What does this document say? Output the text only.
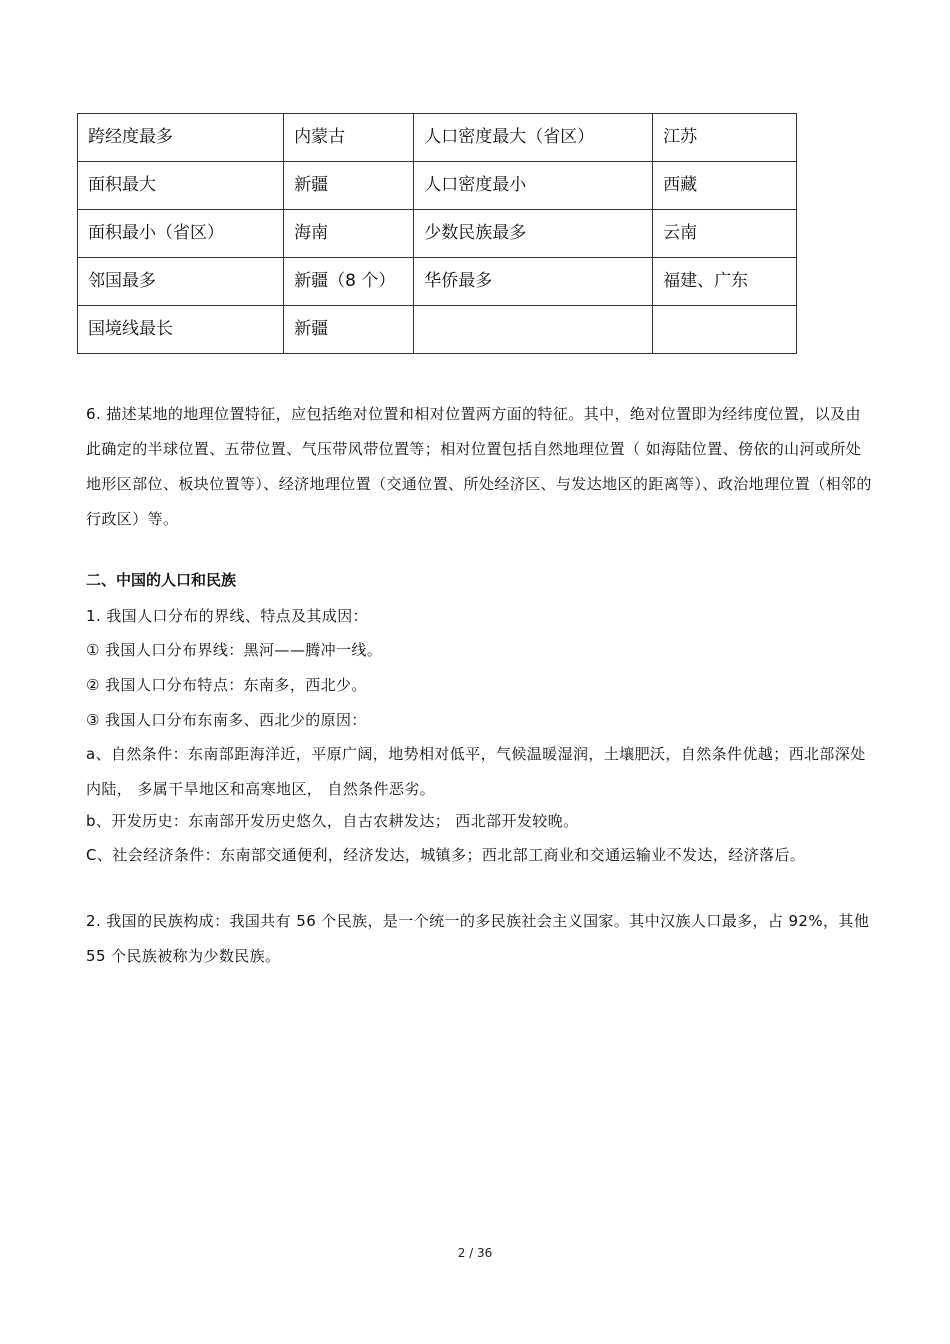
跨经度最多	内蒙古	人口密度最大（省区）	江苏
面积最大	新疆	人口密度最小	西藏
面积最小（省区）	海南	少数民族最多	云南
邻国最多	新疆（8 个）	华侨最多	福建、广东
国境线最长	新疆		
6. 描述某地的地理位置特征，应包括绝对位置和相对位置两方面的特征。其中，绝对位置即为经纬度位置，以及由此确定的半球位置、五带位置、气压带风带位置等；相对位置包括自然地理位置（ 如海陆位置、傍依的山河或所处地形区部位、板块位置等）、经济地理位置（交通位置、所处经济区、与发达地区的距离等）、政治地理位置（相邻的行政区）等。
二、中国的人口和民族
1. 我国人口分布的界线、特点及其成因：
① 我国人口分布界线：黑河——腾冲一线。
② 我国人口分布特点：东南多，西北少。
③ 我国人口分布东南多、西北少的原因：
a、自然条件：东南部距海洋近，平原广阔，地势相对低平，气候温暖湿润，土壤肥沃，自然条件优越；西北部深处内陆， 多属干旱地区和高寒地区， 自然条件恶劣。
b、开发历史：东南部开发历史悠久，自古农耕发达； 西北部开发较晚。
C、社会经济条件：东南部交通便利，经济发达，城镇多；西北部工商业和交通运输业不发达，经济落后。
2. 我国的民族构成：我国共有 56 个民族，是一个统一的多民族社会主义国家。其中汉族人口最多，占 92%，其他 55 个民族被称为少数民族。
2 / 36
